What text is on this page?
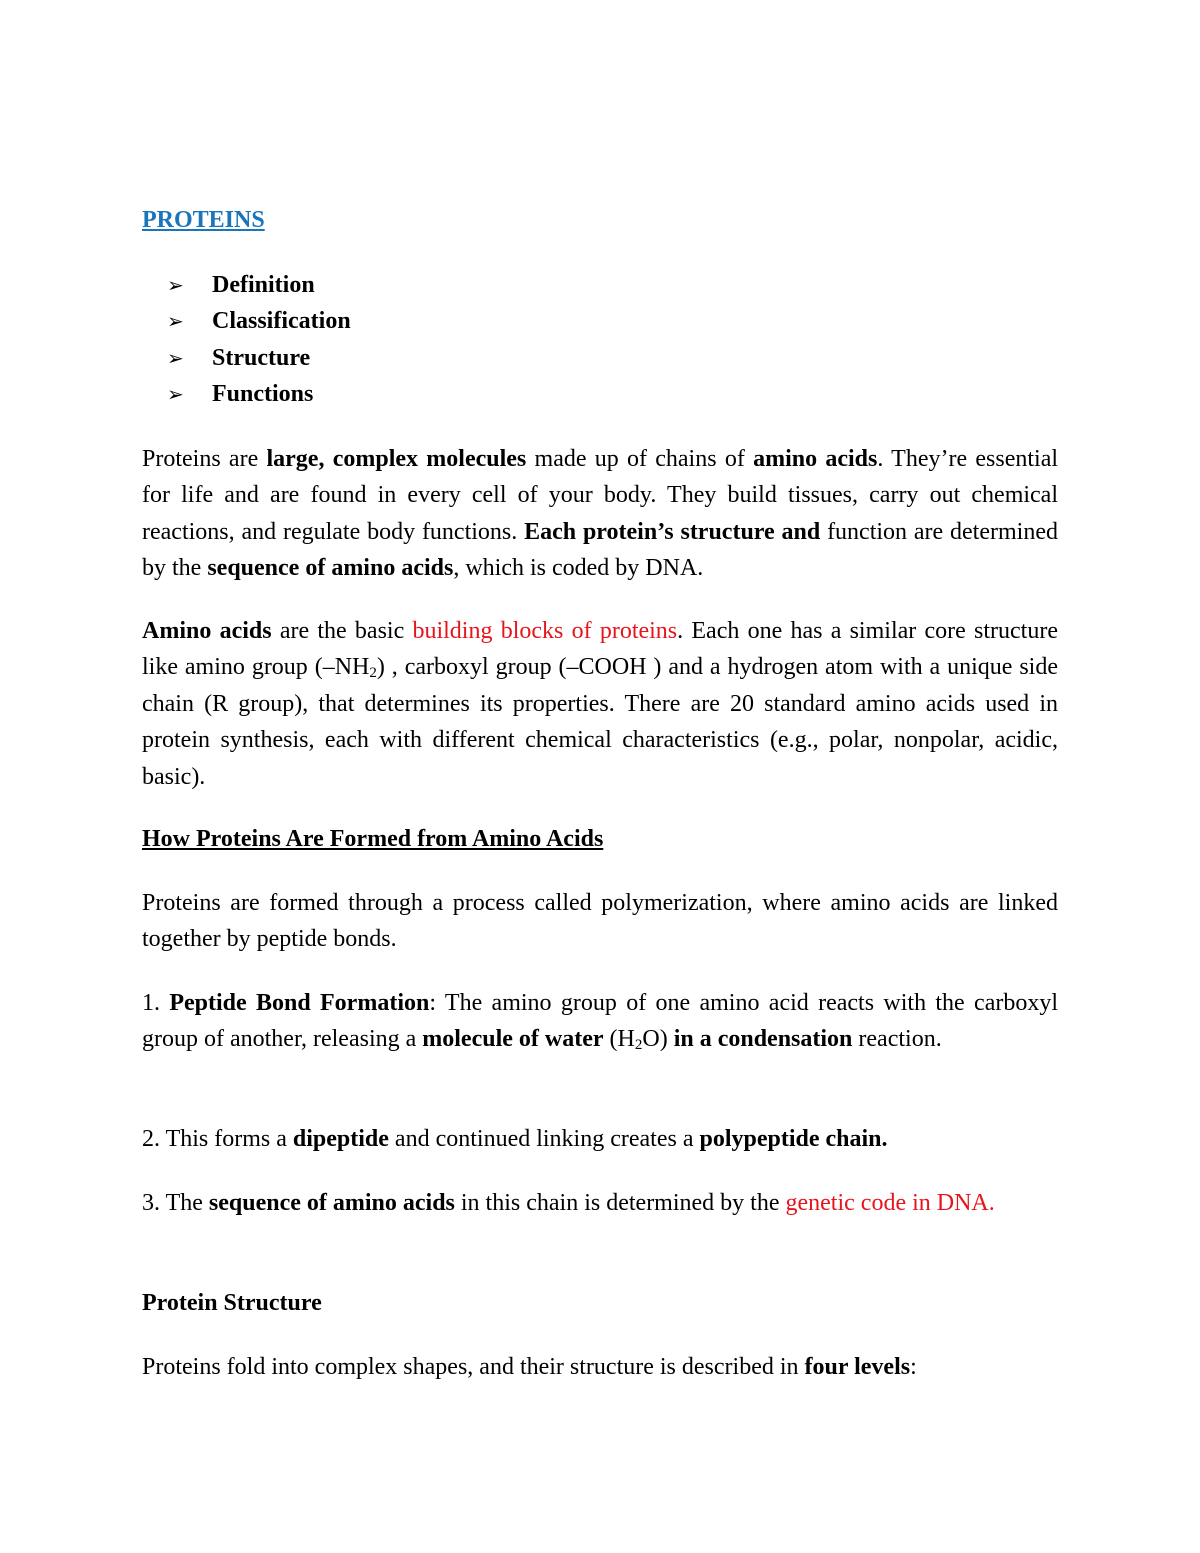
PROTEINS
➢	Definition
➢	Classification
➢	Structure
➢	Functions

Proteins are large, complex molecules made up of chains of amino acids. They’re essential for life and are found in every cell of your body. They build tissues, carry out chemical reactions, and regulate body functions. Each protein’s structure and function are determined by the sequence of amino acids, which is coded by DNA.

Amino acids are the basic building blocks of proteins. Each one has a similar core structure like amino group $(-NH_2)$ , carboxyl group (–COOH ) and a hydrogen atom with a unique side chain (R group), that determines its properties. There are 20 standard amino acids used in protein synthesis, each with different chemical characteristics (e.g., polar, nonpolar, acidic, basic).

How Proteins Are Formed from Amino Acids

Proteins are formed through a process called polymerization, where amino acids are linked together by peptide bonds.

1. Peptide Bond Formation: The amino group of one amino acid reacts with the carboxyl group of another, releasing a molecule of water $(H_2O)$ in a condensation reaction.

2. This forms a dipeptide and continued linking creates a polypeptide chain.

3. The sequence of amino acids in this chain is determined by the genetic code in DNA.

Protein Structure

Proteins fold into complex shapes, and their structure is described in four levels:
